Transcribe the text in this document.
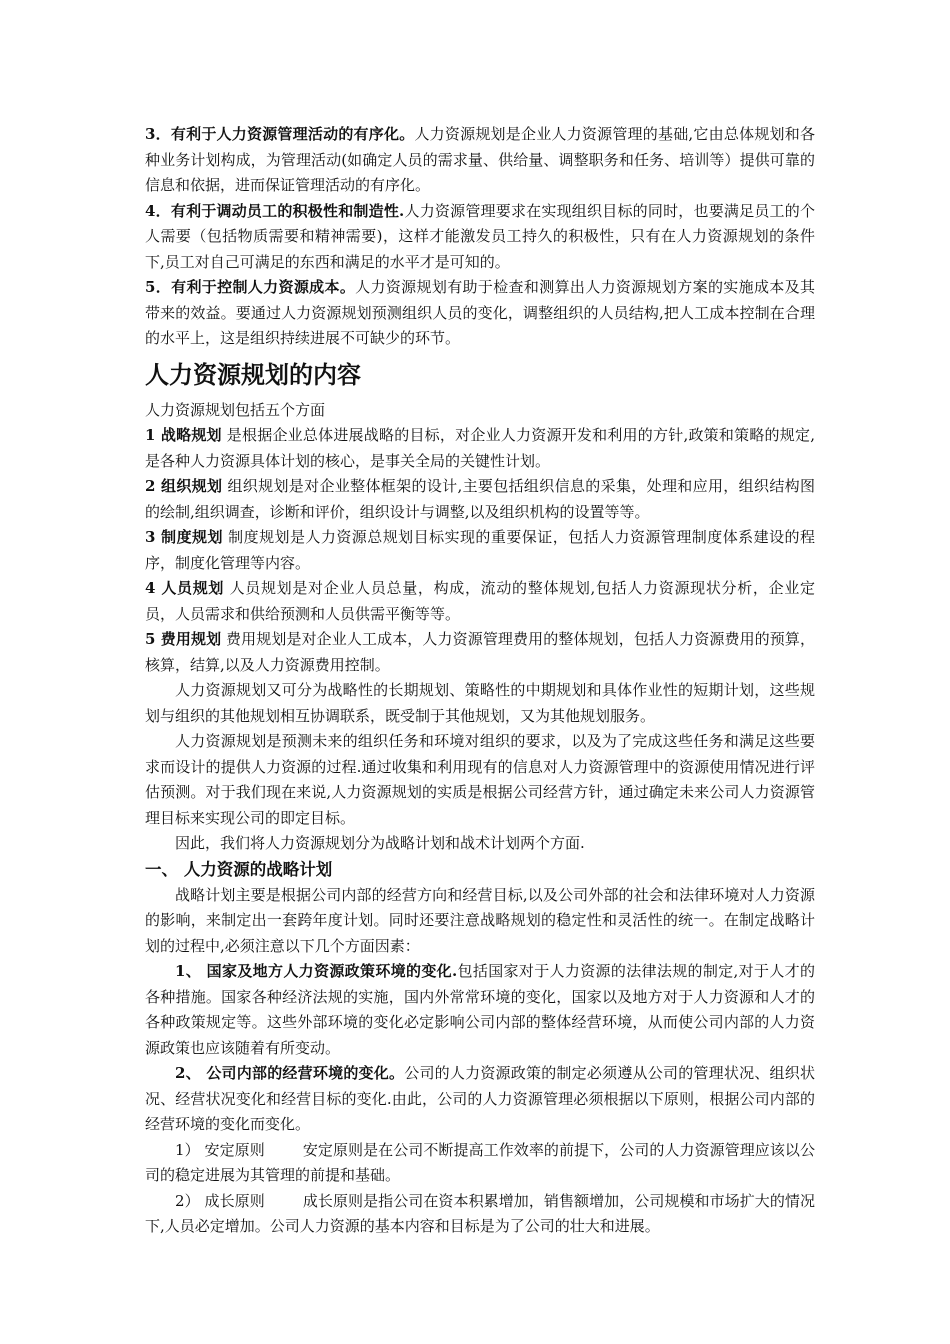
3．有利于人力资源管理活动的有序化。人力资源规划是企业人力资源管理的基础,它由总体规划和各种业务计划构成，为管理活动(如确定人员的需求量、供给量、调整职务和任务、培训等）提供可靠的信息和依据，进而保证管理活动的有序化。

4．有利于调动员工的积极性和制造性.人力资源管理要求在实现组织目标的同时，也要满足员工的个人需要（包括物质需要和精神需要)，这样才能激发员工持久的积极性，只有在人力资源规划的条件下,员工对自己可满足的东西和满足的水平才是可知的。

5．有利于控制人力资源成本。人力资源规划有助于检查和测算出人力资源规划方案的实施成本及其带来的效益。要通过人力资源规划预测组织人员的变化，调整组织的人员结构,把人工成本控制在合理的水平上，这是组织持续进展不可缺少的环节。

人力资源规划的内容

人力资源规划包括五个方面

1 战略规划 是根据企业总体进展战略的目标，对企业人力资源开发和利用的方针,政策和策略的规定,是各种人力资源具体计划的核心，是事关全局的关键性计划。

2 组织规划 组织规划是对企业整体框架的设计,主要包括组织信息的采集，处理和应用，组织结构图的绘制,组织调查，诊断和评价，组织设计与调整,以及组织机构的设置等等。

3 制度规划 制度规划是人力资源总规划目标实现的重要保证，包括人力资源管理制度体系建设的程序，制度化管理等内容。

4 人员规划 人员规划是对企业人员总量，构成，流动的整体规划,包括人力资源现状分析，企业定员，人员需求和供给预测和人员供需平衡等等。

5 费用规划 费用规划是对企业人工成本，人力资源管理费用的整体规划，包括人力资源费用的预算，核算，结算,以及人力资源费用控制。

人力资源规划又可分为战略性的长期规划、策略性的中期规划和具体作业性的短期计划，这些规划与组织的其他规划相互协调联系，既受制于其他规划，又为其他规划服务。

人力资源规划是预测未来的组织任务和环境对组织的要求，以及为了完成这些任务和满足这些要求而设计的提供人力资源的过程.通过收集和利用现有的信息对人力资源管理中的资源使用情况进行评估预测。对于我们现在来说,人力资源规划的实质是根据公司经营方针，通过确定未来公司人力资源管理目标来实现公司的即定目标。

因此，我们将人力资源规划分为战略计划和战术计划两个方面.

一、 人力资源的战略计划

战略计划主要是根据公司内部的经营方向和经营目标,以及公司外部的社会和法律环境对人力资源的影响，来制定出一套跨年度计划。同时还要注意战略规划的稳定性和灵活性的统一。在制定战略计划的过程中,必须注意以下几个方面因素：

1、 国家及地方人力资源政策环境的变化.包括国家对于人力资源的法律法规的制定,对于人才的各种措施。国家各种经济法规的实施，国内外常常环境的变化，国家以及地方对于人力资源和人才的各种政策规定等。这些外部环境的变化必定影响公司内部的整体经营环境，从而使公司内部的人力资源政策也应该随着有所变动。

2、 公司内部的经营环境的变化。公司的人力资源政策的制定必须遵从公司的管理状况、组织状况、经营状况变化和经营目标的变化.由此，公司的人力资源管理必须根据以下原则，根据公司内部的经营环境的变化而变化。

1） 安定原则	安定原则是在公司不断提高工作效率的前提下，公司的人力资源管理应该以公司的稳定进展为其管理的前提和基础。

2） 成长原则	成长原则是指公司在资本积累增加，销售额增加，公司规模和市场扩大的情况下,人员必定增加。公司人力资源的基本内容和目标是为了公司的壮大和进展。
